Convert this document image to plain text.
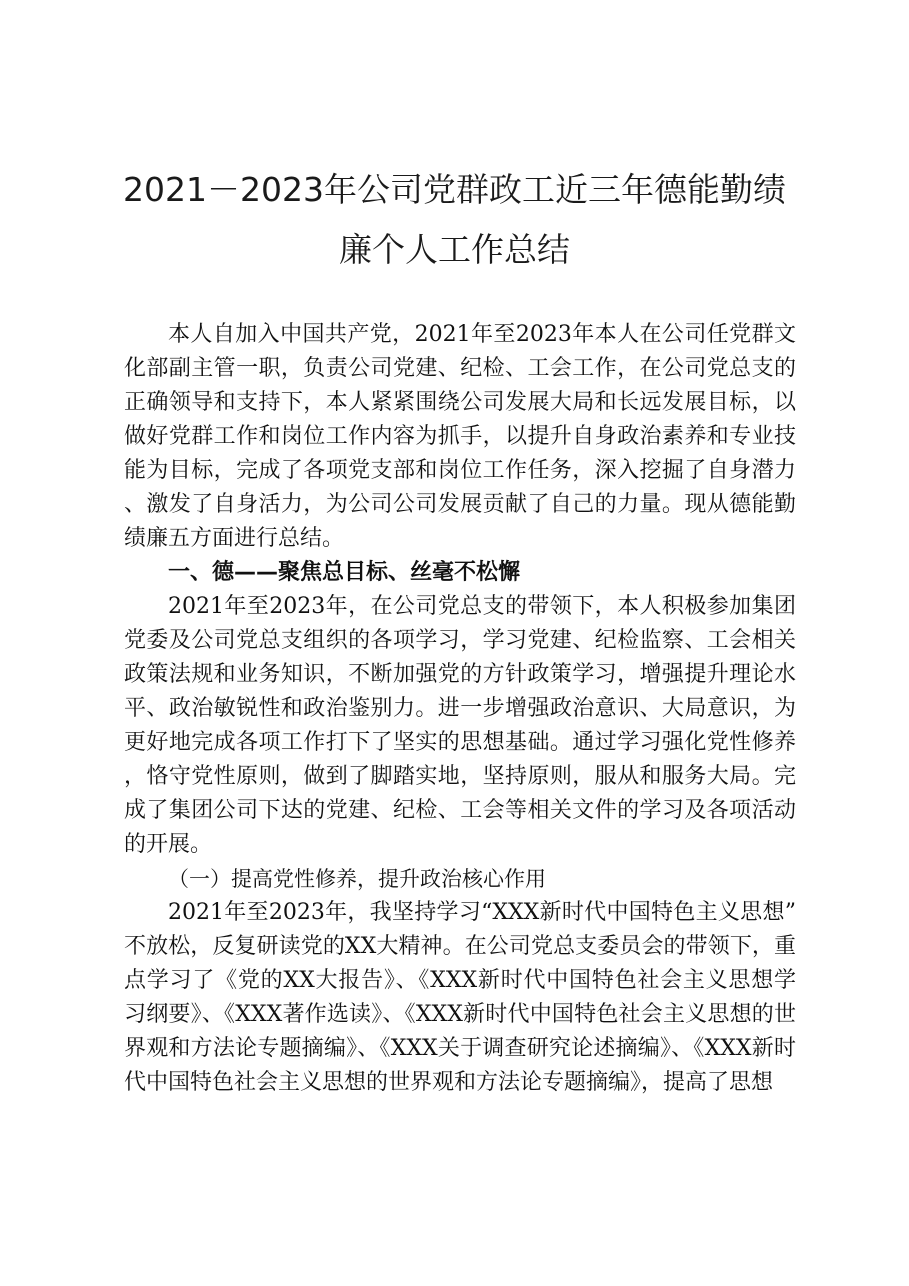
2021－2023年公司党群政工近三年德能勤绩
廉个人工作总结

本人自加入中国共产党，2021年至2023年本人在公司任党群文化部副主管一职，负责公司党建、纪检、工会工作，在公司党总支的正确领导和支持下，本人紧紧围绕公司发展大局和长远发展目标，以做好党群工作和岗位工作内容为抓手，以提升自身政治素养和专业技能为目标，完成了各项党支部和岗位工作任务，深入挖掘了自身潜力、激发了自身活力，为公司公司发展贡献了自己的力量。现从德能勤绩廉五方面进行总结。

一、德——聚焦总目标、丝毫不松懈

2021年至2023年，在公司党总支的带领下，本人积极参加集团党委及公司党总支组织的各项学习，学习党建、纪检监察、工会相关政策法规和业务知识，不断加强党的方针政策学习，增强提升理论水平、政治敏锐性和政治鉴别力。进一步增强政治意识、大局意识，为更好地完成各项工作打下了坚实的思想基础。通过学习强化党性修养，恪守党性原则，做到了脚踏实地，坚持原则，服从和服务大局。完成了集团公司下达的党建、纪检、工会等相关文件的学习及各项活动的开展。

（一）提高党性修养，提升政治核心作用

2021年至2023年，我坚持学习“XXX新时代中国特色主义思想”不放松，反复研读党的XX大精神。在公司党总支委员会的带领下，重点学习了《党的XX大报告》、《XXX新时代中国特色社会主义思想学习纲要》、《XXX著作选读》、《XXX新时代中国特色社会主义思想的世界观和方法论专题摘编》、《XXX关于调查研究论述摘编》、《XXX新时代中国特色社会主义思想的世界观和方法论专题摘编》，提高了思想
